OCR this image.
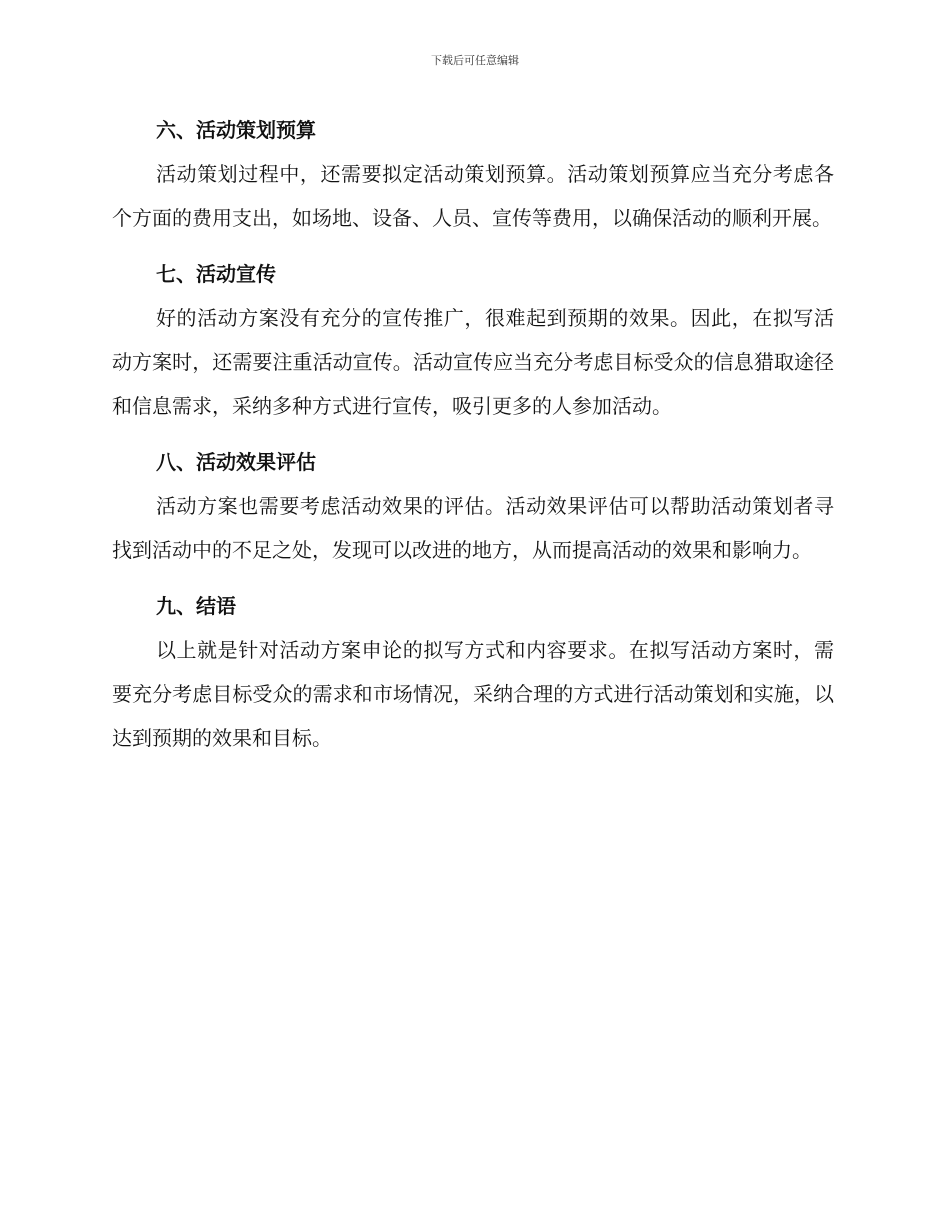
下载后可任意编辑
六、活动策划预算

活动策划过程中，还需要拟定活动策划预算。活动策划预算应当充分考虑各个方面的费用支出，如场地、设备、人员、宣传等费用，以确保活动的顺利开展。

七、活动宣传

好的活动方案没有充分的宣传推广，很难起到预期的效果。因此，在拟写活动方案时，还需要注重活动宣传。活动宣传应当充分考虑目标受众的信息猎取途径和信息需求，采纳多种方式进行宣传，吸引更多的人参加活动。

八、活动效果评估

活动方案也需要考虑活动效果的评估。活动效果评估可以帮助活动策划者寻找到活动中的不足之处，发现可以改进的地方，从而提高活动的效果和影响力。

九、结语

以上就是针对活动方案申论的拟写方式和内容要求。在拟写活动方案时，需要充分考虑目标受众的需求和市场情况，采纳合理的方式进行活动策划和实施，以达到预期的效果和目标。
